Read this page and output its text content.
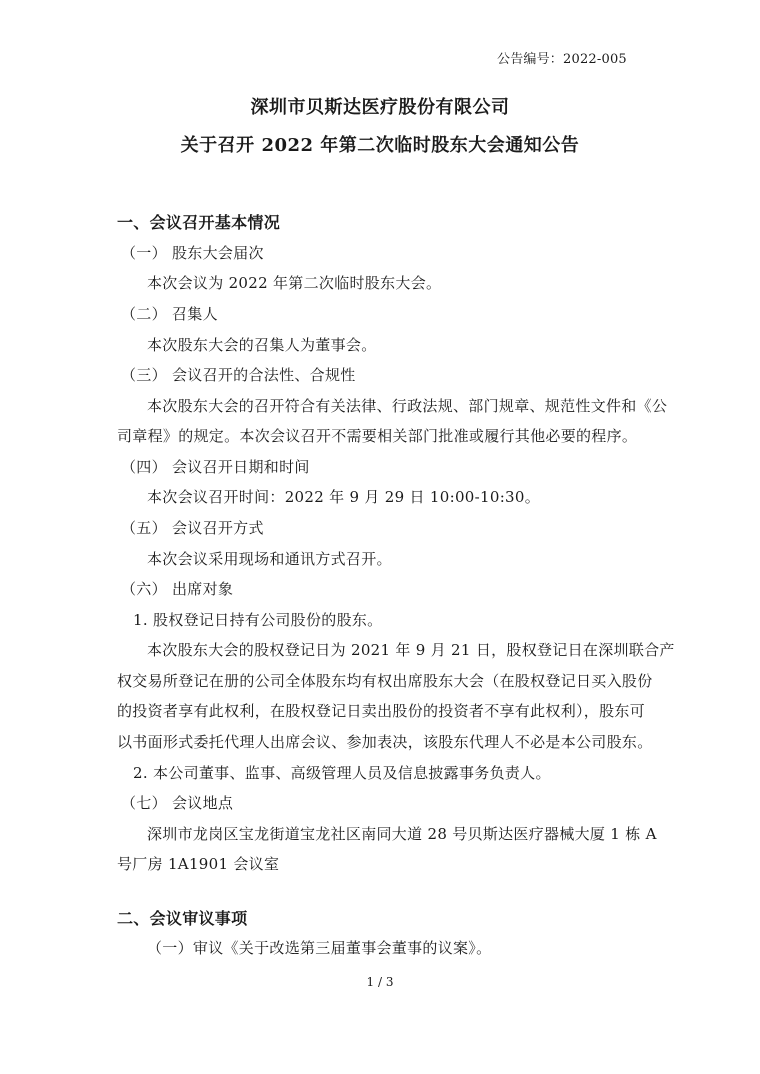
公告编号：2022-005
深圳市贝斯达医疗股份有限公司
关于召开 2022 年第二次临时股东大会通知公告
一、会议召开基本情况
（一） 股东大会届次
本次会议为 2022 年第二次临时股东大会。
（二） 召集人
本次股东大会的召集人为董事会。
（三） 会议召开的合法性、合规性
本次股东大会的召开符合有关法律、行政法规、部门规章、规范性文件和《公
司章程》的规定。本次会议召开不需要相关部门批准或履行其他必要的程序。
（四） 会议召开日期和时间
本次会议召开时间：2022 年 9 月 29 日 10:00-10:30。
（五） 会议召开方式
本次会议采用现场和通讯方式召开。
（六） 出席对象
1. 股权登记日持有公司股份的股东。
本次股东大会的股权登记日为 2021 年 9 月 21 日，股权登记日在深圳联合产
权交易所登记在册的公司全体股东均有权出席股东大会（在股权登记日买入股份
的投资者享有此权利，在股权登记日卖出股份的投资者不享有此权利），股东可
以书面形式委托代理人出席会议、参加表决，该股东代理人不必是本公司股东。
2. 本公司董事、监事、高级管理人员及信息披露事务负责人。
（七） 会议地点
深圳市龙岗区宝龙街道宝龙社区南同大道 28 号贝斯达医疗器械大厦 1 栋 A
号厂房 1A1901 会议室
二、会议审议事项
（一）审议《关于改选第三届董事会董事的议案》。
1 / 3
